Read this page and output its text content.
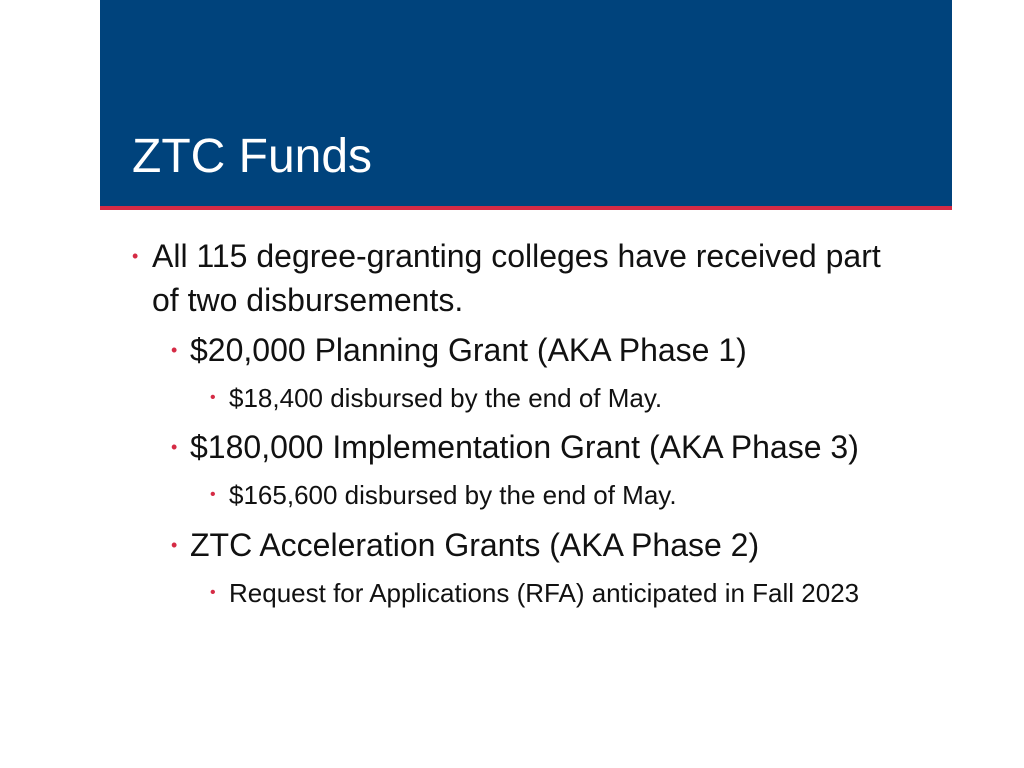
ZTC Funds
• All 115 degree-granting colleges have received part of two disbursements.
• $20,000 Planning Grant (AKA Phase 1)
• $18,400 disbursed by the end of May.
• $180,000 Implementation Grant (AKA Phase 3)
• $165,600 disbursed by the end of May.
• ZTC Acceleration Grants (AKA Phase 2)
• Request for Applications (RFA) anticipated in Fall 2023
